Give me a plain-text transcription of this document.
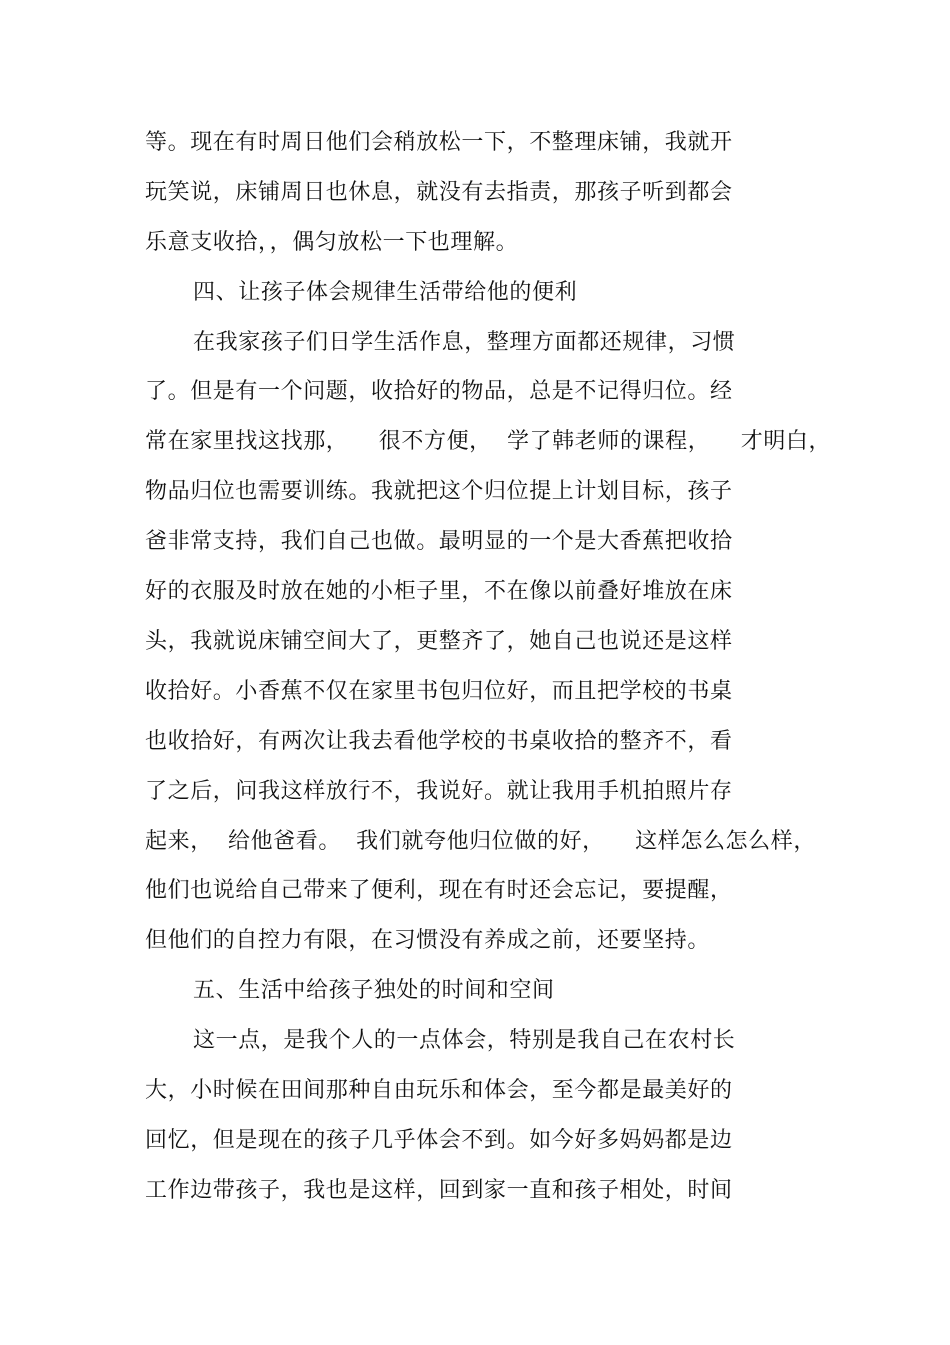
等。现在有时周日他们会稍放松一下，不整理床铺，我就开
玩笑说，床铺周日也休息，就没有去指责，那孩子听到都会
乐意支收拾，，偶匀放松一下也理解。
四、让孩子体会规律生活带给他的便利
在我家孩子们日学生活作息，整理方面都还规律，习惯
了。但是有一个问题，收拾好的物品，总是不记得归位。经
常在家里找这找那，    很不方便，  学了韩老师的课程，    才明白，
物品归位也需要训练。我就把这个归位提上计划目标，孩子
爸非常支持，我们自己也做。最明显的一个是大香蕉把收拾
好的衣服及时放在她的小柜子里，不在像以前叠好堆放在床
头，我就说床铺空间大了，更整齐了，她自己也说还是这样
收拾好。小香蕉不仅在家里书包归位好，而且把学校的书桌
也收拾好，有两次让我去看他学校的书桌收拾的整齐不，看
了之后，问我这样放行不，我说好。就让我用手机拍照片存
起来，  给他爸看。  我们就夸他归位做的好，    这样怎么怎么样，
他们也说给自己带来了便利，现在有时还会忘记，要提醒，
但他们的自控力有限，在习惯没有养成之前，还要坚持。
五、生活中给孩子独处的时间和空间
这一点，是我个人的一点体会，特别是我自己在农村长
大，小时候在田间那种自由玩乐和体会，至今都是最美好的
回忆，但是现在的孩子几乎体会不到。如今好多妈妈都是边
工作边带孩子，我也是这样，回到家一直和孩子相处，时间
